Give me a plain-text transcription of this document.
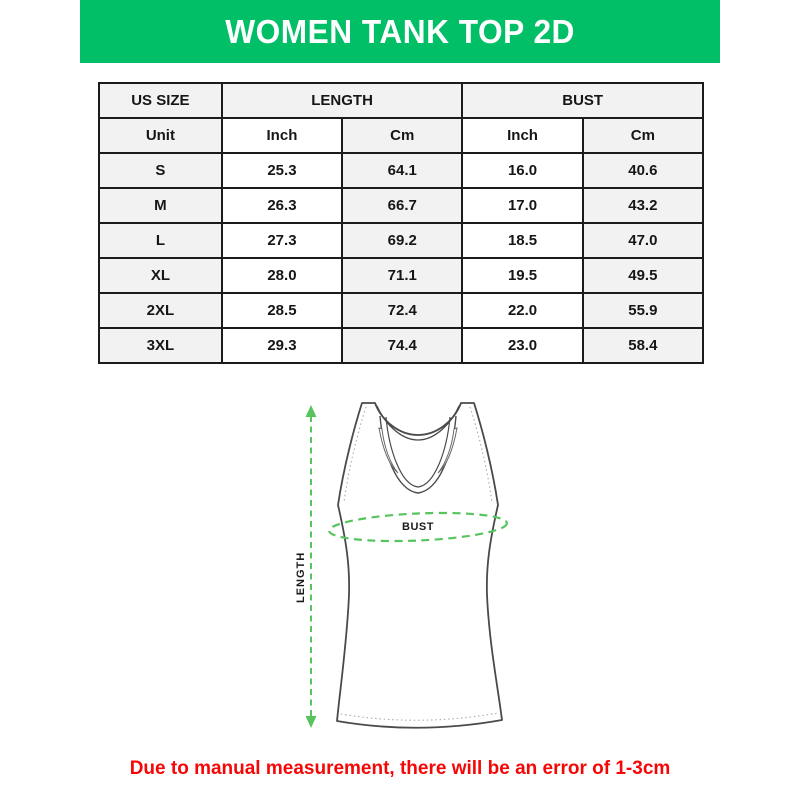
WOMEN TANK TOP 2D
US SIZE	LENGTH		BUST	
Unit	Inch	Cm	Inch	Cm
S	25.3	64.1	16.0	40.6
M	26.3	66.7	17.0	43.2
L	27.3	69.2	18.5	47.0
XL	28.0	71.1	19.5	49.5
2XL	28.5	72.4	22.0	55.9
3XL	29.3	74.4	23.0	58.4
BUST
LENGTH
Due to manual measurement, there will be an error of 1-3cm
